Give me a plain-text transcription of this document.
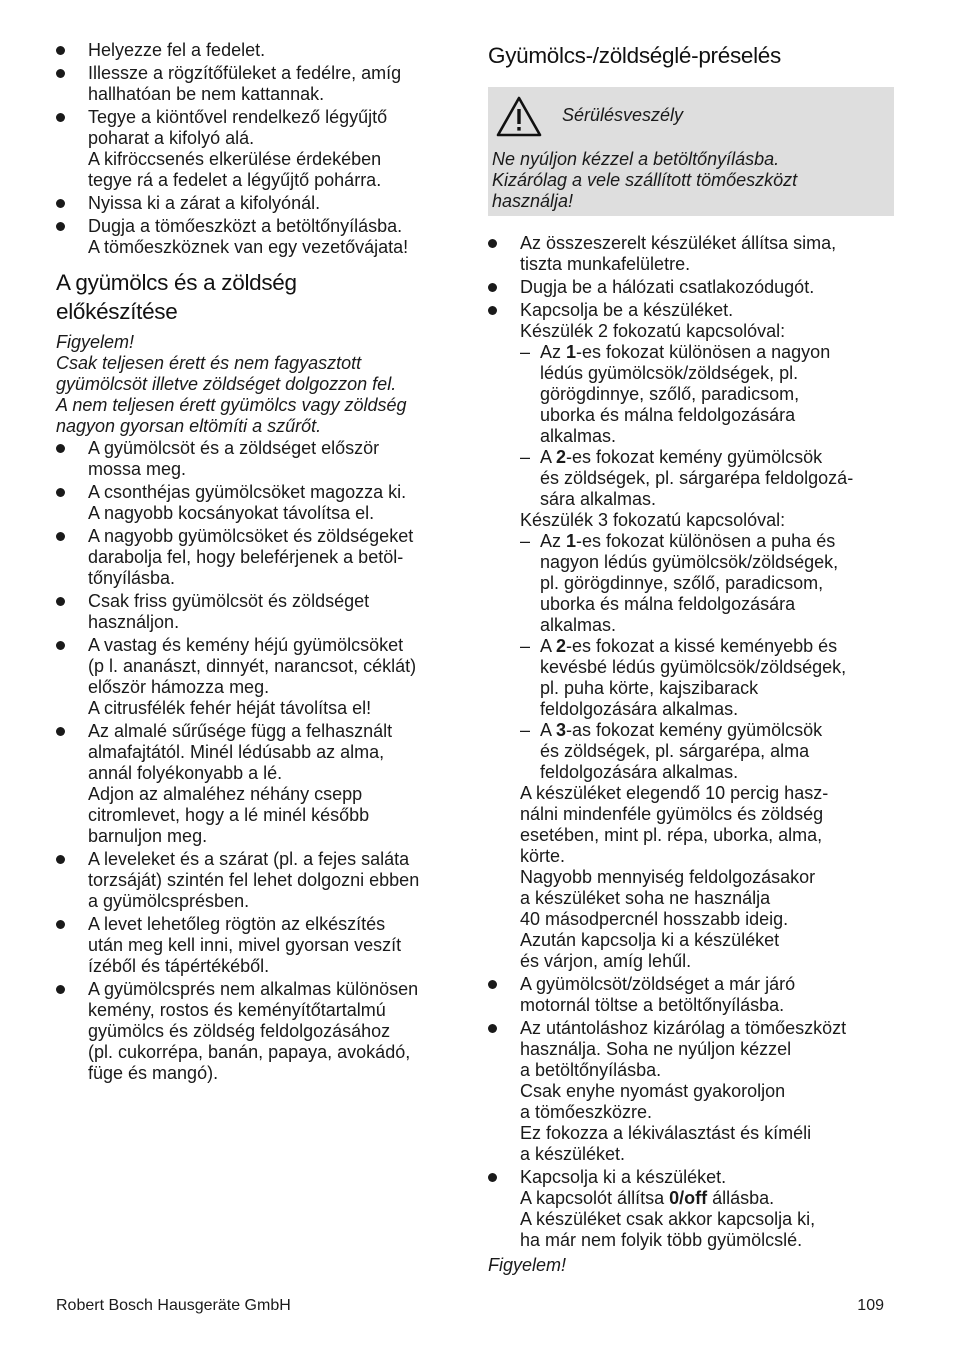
Helyezze fel a fedelet.

Illessze a rögzítőfüleket a fedélre, amíg

hallhatóan be nem kattannak.

Tegye a kiöntővel rendelkező légyűjtő

poharat a kifolyó alá.

A kifröccsenés elkerülése érdekében

tegye rá a fedelet a légyűjtő pohárra.

Nyissa ki a zárat a kifolyónál.

Dugja a tömőeszközt a betöltőnyílásba.

A tömőeszköznek van egy vezetővájata!

A gyümölcs és a zöldség
előkészítése
Figyelem!

Csak teljesen érett és nem fagyasztott

gyümölcsöt illetve zöldséget dolgozzon fel.

A nem teljesen érett gyümölcs vagy zöldség

nagyon gyorsan eltömíti a szűrőt.

A gyümölcsöt és a zöldséget először

mossa meg.

A csonthéjas gyümölcsöket magozza ki.

A nagyobb kocsányokat távolítsa el.

A nagyobb gyümölcsöket és zöldségeket

darabolja fel, hogy beleférjenek a betöl-

tőnyílásba.

Csak friss gyümölcsöt és zöldséget

használjon.

A vastag és kemény héjú gyümölcsöket

(p l. ananászt, dinnyét, narancsot, céklát)

először hámozza meg.

A citrusfélék fehér héját távolítsa el!

Az almalé sűrűsége függ a felhasznált

almafajtától. Minél lédúsabb az alma,

annál folyékonyabb a lé.

Adjon az almaléhez néhány csepp

citromlevet, hogy a lé minél később

barnuljon meg.

A leveleket és a szárat (pl. a fejes saláta

torzsáját) szintén fel lehet dolgozni ebben

a gyümölcsprésben.

A levet lehetőleg rögtön az elkészítés

után meg kell inni, mivel gyorsan veszít

ízéből és tápértékéből.

A gyümölcsprés nem alkalmas különösen

kemény, rostos és keményítőtartalmú

gyümölcs és zöldség feldolgozásához

(pl. cukorrépa, banán, papaya, avokádó,

füge és mangó).

Gyümölcs-/zöldséglé-préselés
Sérülésveszély

Ne nyúljon kézzel a betöltőnyílásba.

Kizárólag a vele szállított tömőeszközt

használja!

Az összeszerelt készüléket állítsa sima,

tiszta munkafelületre.

Dugja be a hálózati csatlakozódugót.

Kapcsolja be a készüléket.

Készülék 2 fokozatú kapcsolóval:

– Az 1-es fokozat különösen a nagyon

lédús gyümölcsök/zöldségek, pl.

görögdinnye, szőlő, paradicsom,

uborka és málna feldolgozására

alkalmas.

– A 2-es fokozat kemény gyümölcsök

és zöldségek, pl. sárgarépa feldolgozá-

sára alkalmas.

Készülék 3 fokozatú kapcsolóval:

– Az 1-es fokozat különösen a puha és

nagyon lédús gyümölcsök/zöldségek,

pl. görögdinnye, szőlő, paradicsom,

uborka és málna feldolgozására

alkalmas.

– A 2-es fokozat a kissé keményebb és

kevésbé lédús gyümölcsök/zöldségek,

pl. puha körte, kajszibarack

feldolgozására alkalmas.

– A 3-as fokozat kemény gyümölcsök

és zöldségek, pl. sárgarépa, alma

feldolgozására alkalmas.

A készüléket elegendő 10 percig hasz-

nálni mindenféle gyümölcs és zöldség

esetében, mint pl. répa, uborka, alma,

körte.

Nagyobb mennyiség feldolgozásakor

a készüléket soha ne használja

40 másodpercnél hosszabb ideig.

Azután kapcsolja ki a készüléket

és várjon, amíg lehűl.

A gyümölcsöt/zöldséget a már járó

motornál töltse a betöltőnyílásba.

Az utántoláshoz kizárólag a tömőeszközt

használja. Soha ne nyúljon kézzel

a betöltőnyílásba.

Csak enyhe nyomást gyakoroljon

a tömőeszközre.

Ez fokozza a lékiválasztást és kíméli

a készüléket.

Kapcsolja ki a készüléket.

A kapcsolót állítsa 0/off állásba.

A készüléket csak akkor kapcsolja ki,

ha már nem folyik több gyümölcslé.

Figyelem!
Robert Bosch Hausgeräte GmbH	109
